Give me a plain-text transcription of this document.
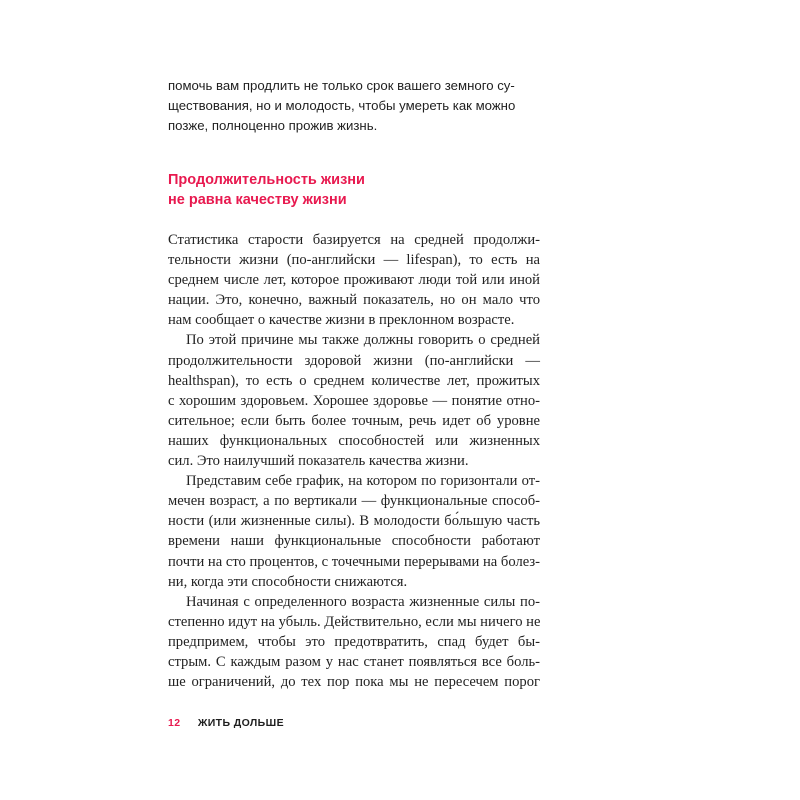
помочь вам продлить не только срок вашего земного су-
ществования, но и молодость, чтобы умереть как можно
позже, полноценно прожив жизнь.
Продолжительность жизни
не равна качеству жизни

Статистика старости базируется на средней продолжи-
тельности жизни (по-английски — lifespan), то есть на
среднем числе лет, которое проживают люди той или иной
нации. Это, конечно, важный показатель, но он мало что
нам сообщает о качестве жизни в преклонном возрасте.

По этой причине мы также должны говорить о средней
продолжительности здоровой жизни (по-английски —
healthspan), то есть о среднем количестве лет, прожитых
с хорошим здоровьем. Хорошее здоровье — понятие отно-
сительное; если быть более точным, речь идет об уровне
наших функциональных способностей или жизненных
сил. Это наилучший показатель качества жизни.

Представим себе график, на котором по горизонтали от-
мечен возраст, а по вертикали — функциональные способ-
ности (или жизненные силы). В молодости бо́льшую часть
времени наши функциональные способности работают
почти на сто процентов, с точечными перерывами на болез-
ни, когда эти способности снижаются.

Начиная с определенного возраста жизненные силы по-
степенно идут на убыль. Действительно, если мы ничего не
предпримем, чтобы это предотвратить, спад будет бы-
стрым. С каждым разом у нас станет появляться все боль-
ше ограничений, до тех пор пока мы не пересечем порог

12 ЖИТЬ ДОЛЬШЕ
